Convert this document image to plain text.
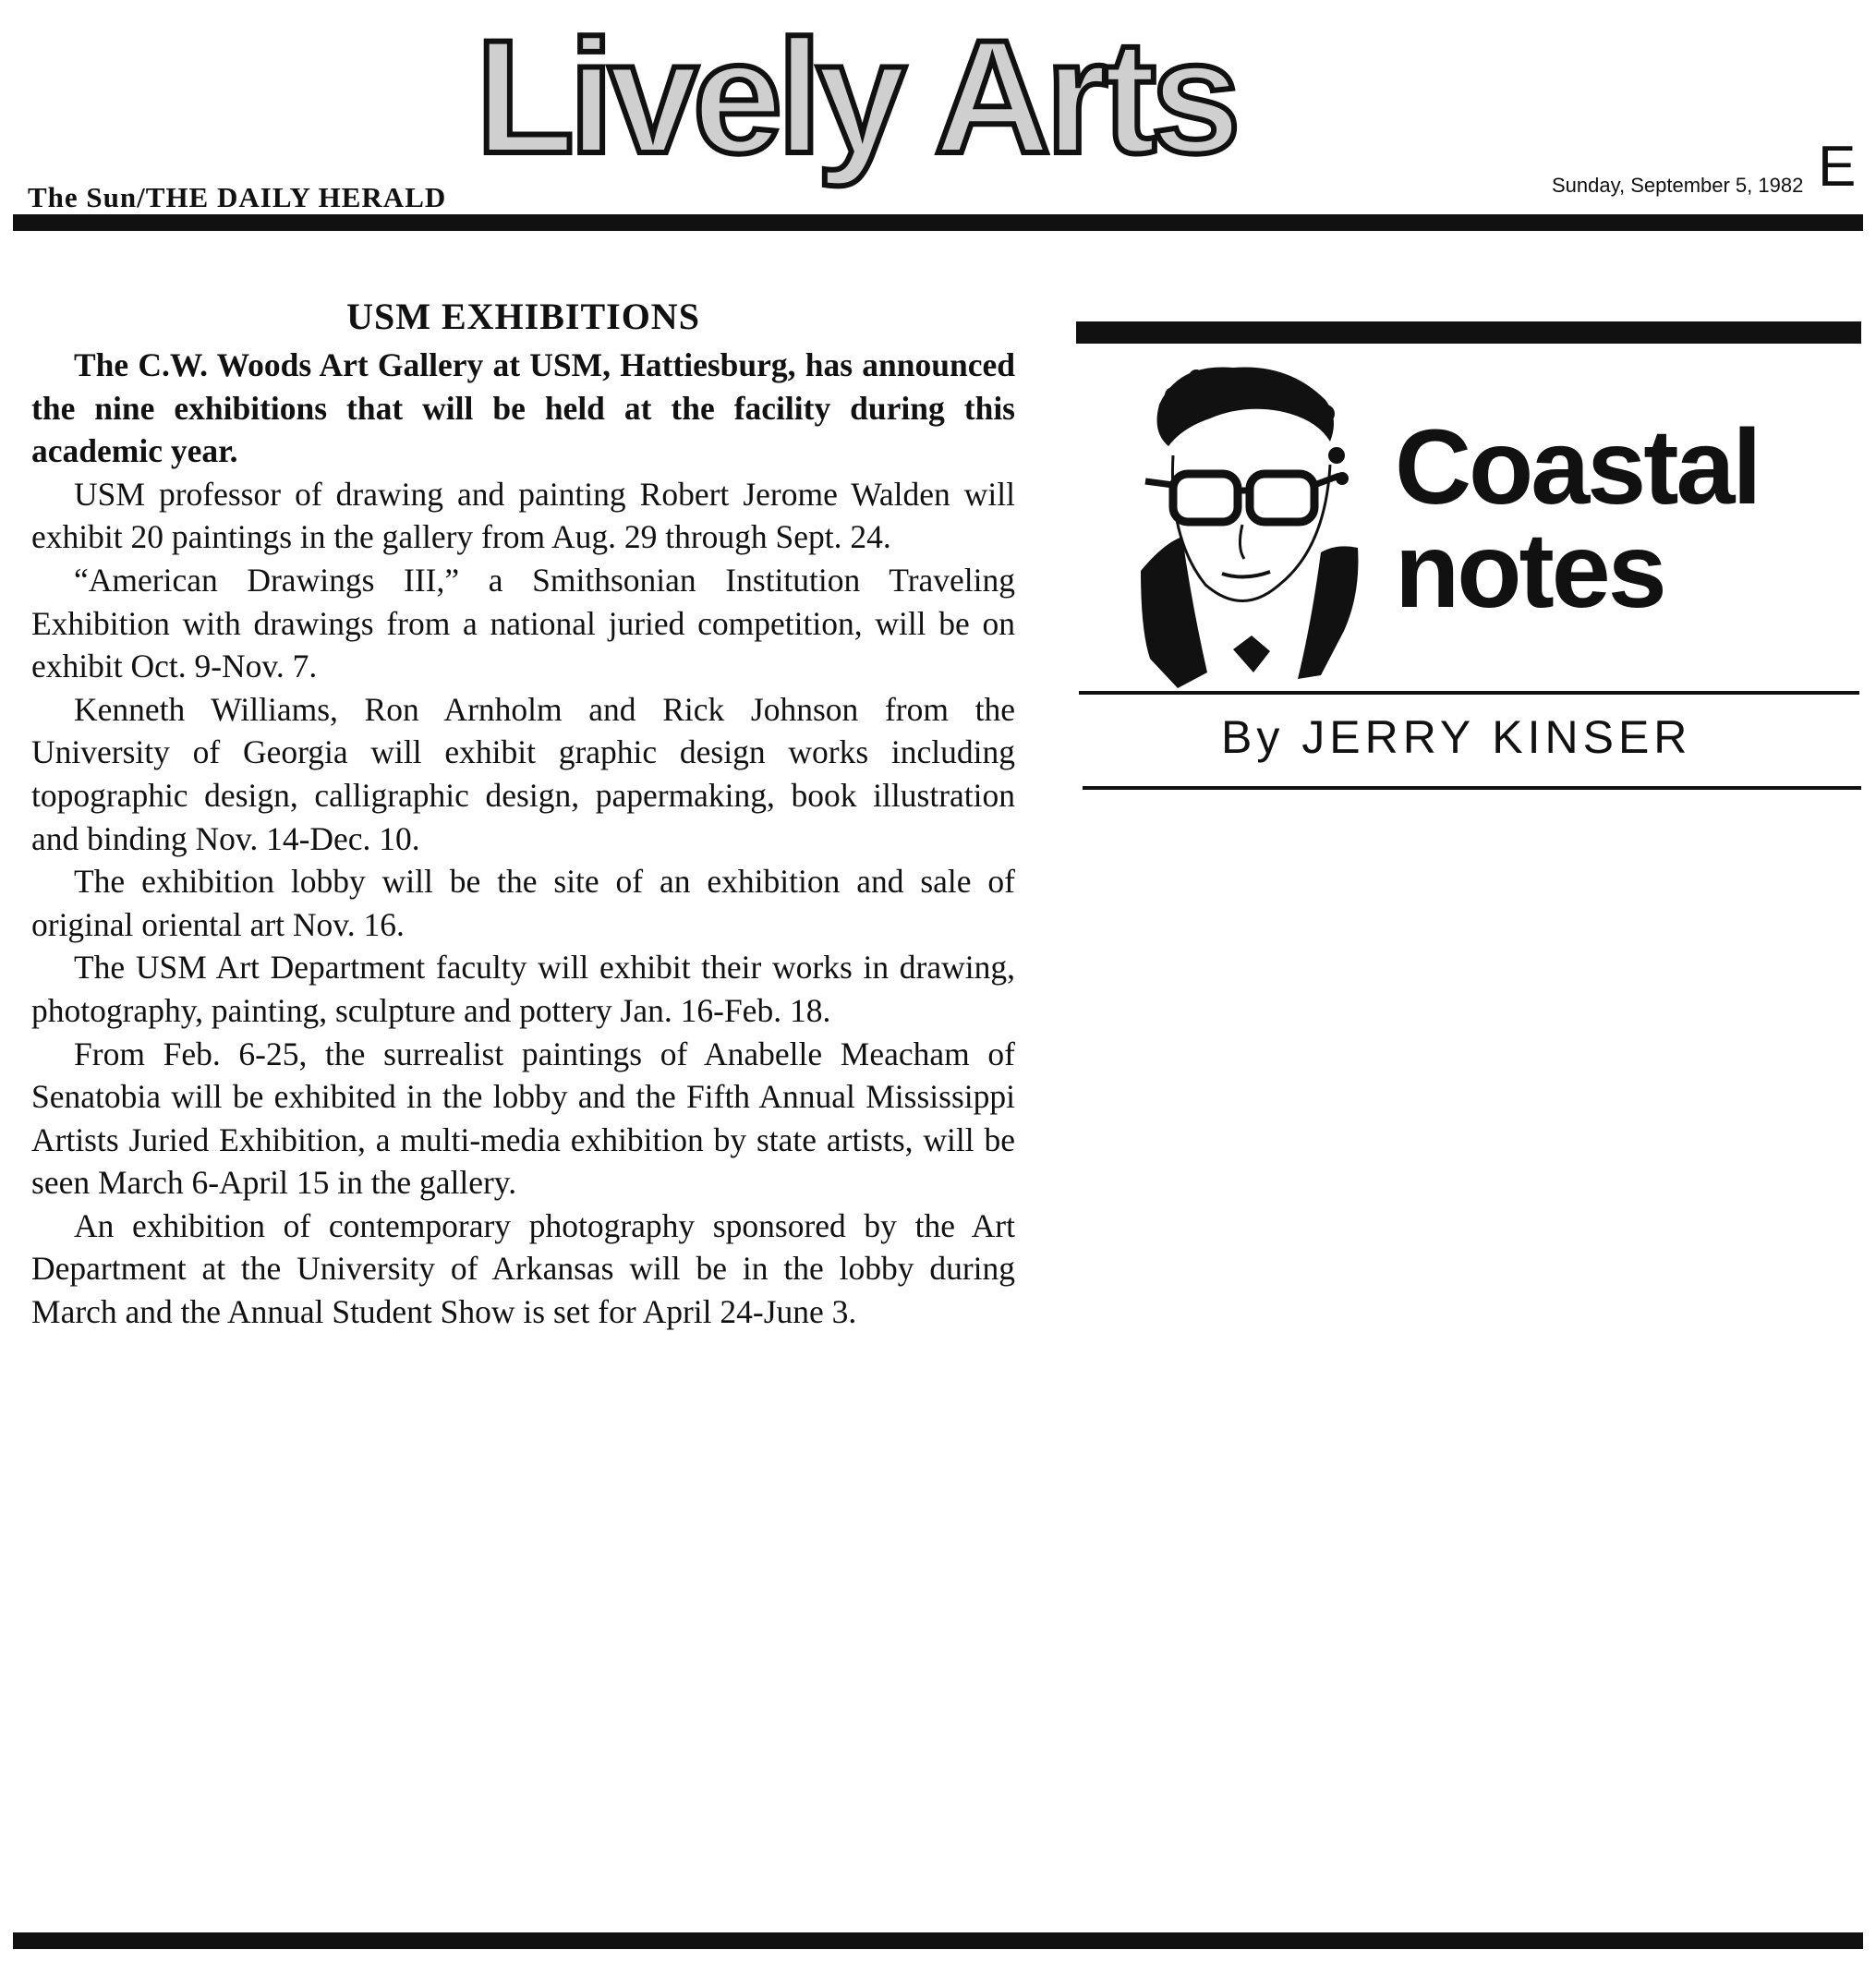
Lively Arts
The Sun/THE DAILY HERALD	Sunday, September 5, 1982 E
USM EXHIBITIONS

The C.W. Woods Art Gallery at USM, Hattiesburg, has announced the nine exhibitions that will be held at the facility during this academic year.

USM professor of drawing and painting Robert Jerome Walden will exhibit 20 paintings in the gallery from Aug. 29 through Sept. 24.

“American Drawings III,” a Smithsonian Institution Traveling Exhibition with drawings from a national juried competition, will be on exhibit Oct. 9-Nov. 7.

Kenneth Williams, Ron Arnholm and Rick Johnson from the University of Georgia will exhibit graphic design works including topographic design, calligraphic design, papermaking, book illustration and binding Nov. 14-Dec. 10.

The exhibition lobby will be the site of an exhibition and sale of original oriental art Nov. 16.

The USM Art Department faculty will exhibit their works in drawing, photography, painting, sculpture and pottery Jan. 16-Feb. 18.

From Feb. 6-25, the surrealist paintings of Anabelle Meacham of Senatobia will be exhibited in the lobby and the Fifth Annual Mississippi Artists Juried Exhibition, a multi-media exhibition by state artists, will be seen March 6-April 15 in the gallery.

An exhibition of contemporary photography sponsored by the Art Department at the University of Arkansas will be in the lobby during March and the Annual Student Show is set for April 24-June 3.

Coastal
notes
By JERRY KINSER
